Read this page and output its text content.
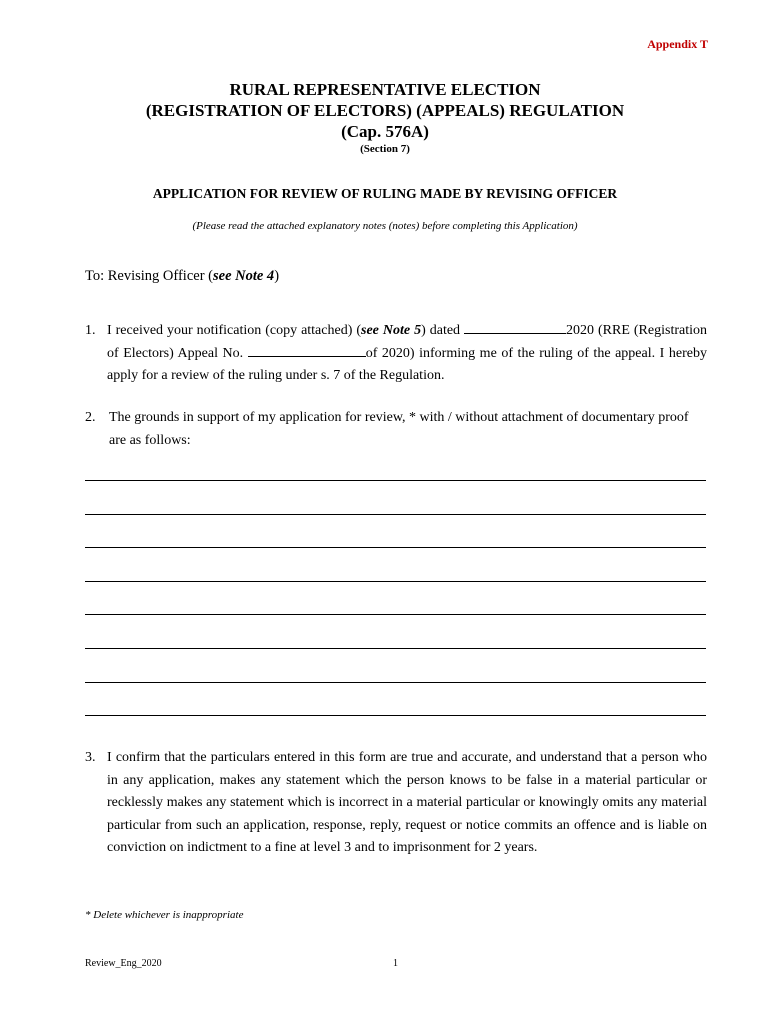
Appendix T
RURAL REPRESENTATIVE ELECTION
(REGISTRATION OF ELECTORS) (APPEALS) REGULATION
(Cap. 576A)
(Section 7)
APPLICATION FOR REVIEW OF RULING MADE BY REVISING OFFICER
(Please read the attached explanatory notes (notes) before completing this Application)
To: Revising Officer (see Note 4)
1. I received your notification (copy attached) (see Note 5) dated	2020 (RRE (Registration of Electors) Appeal No.	of 2020) informing me of the ruling of the appeal. I hereby apply for a review of the ruling under s. 7 of the Regulation.
2. The grounds in support of my application for review, * with / without attachment of documentary proof are as follows:
3. I confirm that the particulars entered in this form are true and accurate, and understand that a person who in any application, makes any statement which the person knows to be false in a material particular or recklessly makes any statement which is incorrect in a material particular or knowingly omits any material particular from such an application, response, reply, request or notice commits an offence and is liable on conviction on indictment to a fine at level 3 and to imprisonment for 2 years.
* Delete whichever is inappropriate
Review_Eng_2020	1
